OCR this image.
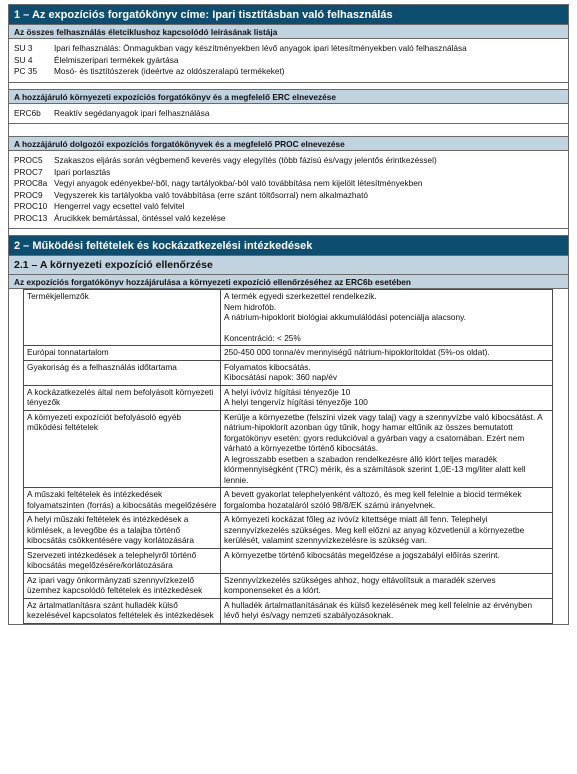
1 – Az expozíciós forgatókönyv címe: Ipari tisztításban való felhasználás
Az összes felhasználás életciklushoz kapcsolódó leírásának listája
SU 3	Ipari felhasználás: Önmagukban vagy készítményekben lévő anyagok ipari létesítményekben való felhasználása
SU 4	Élelmiszeripari termékek gyártása
PC 35	Mosó- és tisztítószerek (ideértve az oldószeralapú termékeket)
A hozzájáruló környezeti expozíciós forgatókönyv és a megfelelő ERC elnevezése
ERC6b	Reaktív segédanyagok ipari felhasználása
A hozzájáruló dolgozói expozíciós forgatókönyvek és a megfelelő PROC elnevezése
PROC5	Szakaszos eljárás során végbemenő keverés vagy elegyítés (több fázisú és/vagy jelentős érintkezéssel)
PROC7	Ipari porlasztás
PROC8a Vegyi anyagok edényekbe/-ből, nagy tartályokba/-ból való továbbítása nem kijelölt létesítményekben
PROC9	Vegyszerek kis tartályokba való továbbítása (erre szánt töltősorral) nem alkalmazható
PROC10 Hengerrel vagy ecsettel való felvitel
PROC13 Árucikkek bemártással, öntéssel való kezelése
2 – Működési feltételek és kockázatkezelési intézkedések
2.1 – A környezeti expozíció ellenőrzése
Az expozíciós forgatókönyv hozzájárulása a környezeti expozíció ellenőrzéséhez az ERC6b esetében
Termékjellemzők	A termék egyedi szerkezettel rendelkezik.
Nem hidrofób.
A nátrium-hipoklorit biológiai akkumulálódási potenciálja alacsony.
Koncentráció: < 25%

Európai tonnatartalom	250-450 000 tonna/év mennyiségű nátrium-hipokloritoldat (5%-os oldat).

Gyakoriság és a felhasználás időtartama	Folyamatos kibocsátás.
Kibocsátási napok: 360 nap/év

A kockázatkezelés által nem befolyásolt környezeti tényezők	A helyi ivóvíz hígítási tényezője 10
A helyi tengervíz hígítási tényezője 100

A környezeti expozíciót befolyásoló egyéb működési feltételek	Kerülje a környezetbe (felszíni vizek vagy talaj) vagy a szennyvízbe való kibocsátást. A nátrium-hipoklorit azonban úgy tűnik, hogy hamar eltűnik az összes bemutatott forgatókönyv esetén: gyors redukcióval a gyárban vagy a csatornában. Ezért nem várható a környezetbe történő kibocsátás.
A legrosszabb esetben a szabadon rendelkezésre álló klórt teljes maradék klórmennyiségként (TRC) mérik, és a számítások szerint 1,0E-13 mg/liter alatt kell lennie.

A műszaki feltételek és intézkedések folyamatszinten (forrás) a kibocsátás megelőzésére	A bevett gyakorlat telephelyenként változó, és meg kell felelnie a biocid termékek forgalomba hozataláról szóló 98/8/EK számú irányelvnek.

A helyi műszaki feltételek és intézkedések a kömlések, a levegőbe és a talajba történő kibocsátás csökkentésére vagy korlátozására	A környezeti kockázat főleg az ivóvíz kitettsége miatt áll fenn. Telephelyi szennyvízkezelés szükséges. Meg kell előzni az anyag közvetlenül a környezetbe kerülését, valamint szennyvízkezelésre is szükség van.

Szervezeti intézkedések a telephelyről történő kibocsátás megelőzésére/korlátozására	A környezetbe történő kibocsátás megelőzése a jogszabályi előírás szerint.

Az ipari vagy önkormányzati szennyvízkezelő üzemhez kapcsolódó feltételek és intézkedések	Szennyvízkezelés szükséges ahhoz, hogy eltávolítsuk a maradék szerves komponenseket és a klórt.

Az ártalmatlanításra szánt hulladék külső kezelésével kapcsolatos feltételek és intézkedések	A hulladék ártalmatlanításának és külső kezelésének meg kell felelnie az érvényben lévő helyi és/vagy nemzeti szabályozásoknak.
